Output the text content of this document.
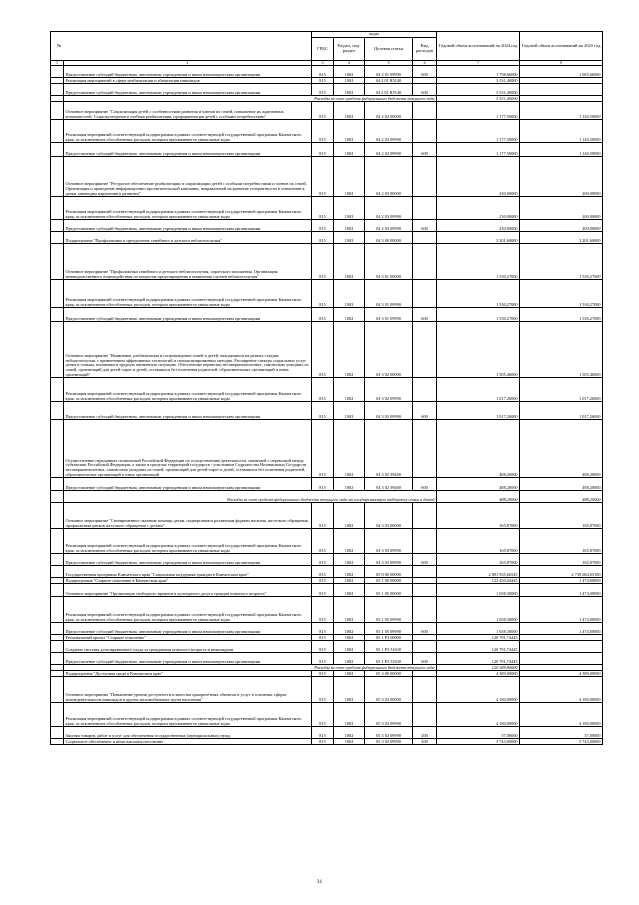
№		коды				Годовой объем ассигнований на 2024 год	Годовой объем ассигнований на 2025 год
		ГРБС	Раздел, под-раздел	Целевая статья	Вид расходов		
1	2	3	4	5	6	7	8
	Предоставление субсидий бюджетным, автономным учреждениям и иным некоммерческим организациям	815	1002	04 2 01 09990	600	1 798,66000	1 685,66000
	Реализация мероприятий в сфере реабилитации и абилитации инвалидов	815	1002	04 2 01 R5140		3 531,40000	
	Предоставление субсидий бюджетным, автономным учреждениям и иным некоммерческим организациям	815	1002	04 2 01 R5140	600	3 531,40000	
	Расходы за счет средств федерального бюджета текущего года					3 531,40000	
	Основное мероприятие "Социализация детей с особенностями развития и членов их семей, повышение их адаптивных возможностей. Социокультурная и учебная реабилитация, профориентация детей с особыми потребностями"	815	1002	04 2 02 00000		1 177,50000	1 140,50000
	Реализация мероприятий соответствующей подпрограммы в рамках соответствующей государственной программы Камчатского края, за исключением обособленных расходов, которым присваиваются уникальные коды	815	1002	04 2 02 09990		1 177,50000	1 140,50000
	Предоставление субсидий бюджетным, автономным учреждениям и иным некоммерческим организациям	815	1002	04 2 02 09990	600	1 177,50000	1 140,50000
	Основное мероприятие "Ресурсное обеспечение реабилитации и социализации детей с особыми потребностями и членов их семей. Организация и проведение информационно-просветительской кампании, направленной на развитие толерантности в отношении к детям, имеющим нарушения в развитии"	815	1002	04 2 03 00000		230,00000	200,00000
	Реализация мероприятий соответствующей подпрограммы в рамках соответствующей государственной программы Камчатского края, за исключением обособленных расходов, которым присваиваются уникальные коды	815	1002	04 2 03 09990		230,00000	200,00000
	Предоставление субсидий бюджетным, автономным учреждениям и иным некоммерческим организациям	815	1002	04 2 03 09990	600	230,00000	200,00000
	Подпрограмма "Профилактика и преодоление семейного и детского неблагополучия"	815	1002	04 3 00 00000		3 201,60000	3 201,60000
	Основное мероприятие "Профилактика семейного и детского неблагополучия, сиротского положения. Организация межведомственного взаимодействия по вопросам предотвращения и выявления случаев неблагополучия"	815	1002	04 3 01 00000		1 530,27000	1 530,27000
	Реализация мероприятий соответствующей подпрограммы в рамках соответствующей государственной программы Камчатского края, за исключением обособленных расходов, которым присваиваются уникальные коды	815	1002	04 3 01 09990		1 530,27000	1 530,27000
	Предоставление субсидий бюджетным, автономным учреждениям и иным некоммерческим организациям	815	1002	04 3 01 09990	600	1 530,27000	1 530,27000
	Основное мероприятие "Выявление, реабилитация и сопровождение семей и детей, находящихся на разных стадиях неблагополучия, с применением эффективных технологий и специализированных методик. Расширение спектра социальных услуг детям и семьям, попавшим в трудную жизненную ситуацию. Обеспечение перевозки несовершеннолетних, самовольно ушедших из семей, организаций для детей-сирот и детей, оставшихся без попечения родителей, образовательных организаций и иных организаций"	815	1002	04 3 02 00000		1 505,46000	1 505,46000
	Реализация мероприятий соответствующей подпрограммы в рамках соответствующей государственной программы Камчатского края, за исключением обособленных расходов, которым присваиваются уникальные коды	815	1002	04 3 02 09990		1 017,26000	1 017,26000
	Предоставление субсидий бюджетным, автономным учреждениям и иным некоммерческим организациям	815	1002	04 3 02 09990	600	1 017,26000	1 017,26000
	Осуществление переданных полномочий Российской Федерации по осуществлению деятельности, связанной с перевозкой между субъектами Российской Федерации, а также в пределах территорий государств - участников Содружества Независимых Государств несовершеннолетних, самовольно ушедших из семей, организаций для детей-сирот и детей, оставшихся без попечения родителей, образовательных организаций и иных организаций	815	1002	04 3 02 59400		488,20000	488,20000
	Предоставление субсидий бюджетным, автономным учреждениям и иным некоммерческим организациям	815	1002	04 3 02 59400	600	488,20000	488,20000
	Расходы за счет средств федерального бюджета текущего года на государственную поддержку семьи и детей					488,20000	488,20000
	Основное мероприятие "Своевременное оказание помощи детям, подвергшимся различным формам насилия, жестокого обращения, профилактика рисков жестокого обращения с детьми"	815	1002	04 3 03 00000		165,87000	165,87000
	Реализация мероприятий соответствующей подпрограммы в рамках соответствующей государственной программы Камчатского края, за исключением обособленных расходов, которым присваиваются уникальные коды	815	1002	04 3 03 09990		165,87000	165,87000
	Предоставление субсидий бюджетным, автономным учреждениям и иным некоммерческим организациям	815	1002	04 3 03 09990	600	165,87000	165,87000
	Государственная программа Камчатского края "Социальная поддержка граждан в Камчатском крае"	815	1002	05 0 00 00000		2 801 935,66545	2 739 684,05100
	Подпрограмма "Старшее поколение в Камчатском крае"	815	1002	05 1 00 00000		122 450,04445	1 474,00000
	Основное мероприятие "Организация свободного времени и культурного досуга граждан пожилого возраста"	815	1002	05 1 05 00000		1 658,30000	1 474,00000
	Реализация мероприятий соответствующей подпрограммы в рамках соответствующей государственной программы Камчатского края, за исключением обособленных расходов, которым присваиваются уникальные коды	815	1002	05 1 05 09990		1 658,30000	1 474,00000
	Предоставление субсидий бюджетным, автономным учреждениям и иным некоммерческим организациям	815	1002	05 1 05 09990	600	1 658,30000	1 474,00000
	Региональный проект "Старшее поколение"	815	1002	05 1 P3 00000		120 791,74445	
	Создание системы долговременного ухода за гражданами пожилого возраста и инвалидами	815	1002	05 1 P3 51630		120 791,74445	
	Предоставление субсидий бюджетным, автономным учреждениям и иным некоммерческим организациям	815	1002	05 1 P3 51630	600	120 791,74445	
	Расходы за счет средств федерального бюджета текущего года					120 389,80000	
	Подпрограмма "Доступная среда в Камчатском крае"	815	1002	05 3 00 00000		4 389,00000	4 389,00000
	Основное мероприятие "Повышение уровня доступности и качества приоритетных объектов и услуг в основных сферах жизнедеятельности инвалидов и других маломобильных групп населения"	815	1002	05 3 02 00000		4 180,00000	4 180,00000
	Реализация мероприятий соответствующей подпрограммы в рамках соответствующей государственной программы Камчатского края, за исключением обособленных расходов, которым присваиваются уникальные коды	815	1002	05 3 02 09990		4 180,00000	4 180,00000
	Закупка товаров, работ и услуг для обеспечения государственных (муниципальных) нужд	815	1002	05 3 02 09990	200	57,00000	57,00000
	Социальное обеспечение и иные выплаты населению	815	1002	05 3 02 09990	300	3 743,00000	3 743,00000
31
